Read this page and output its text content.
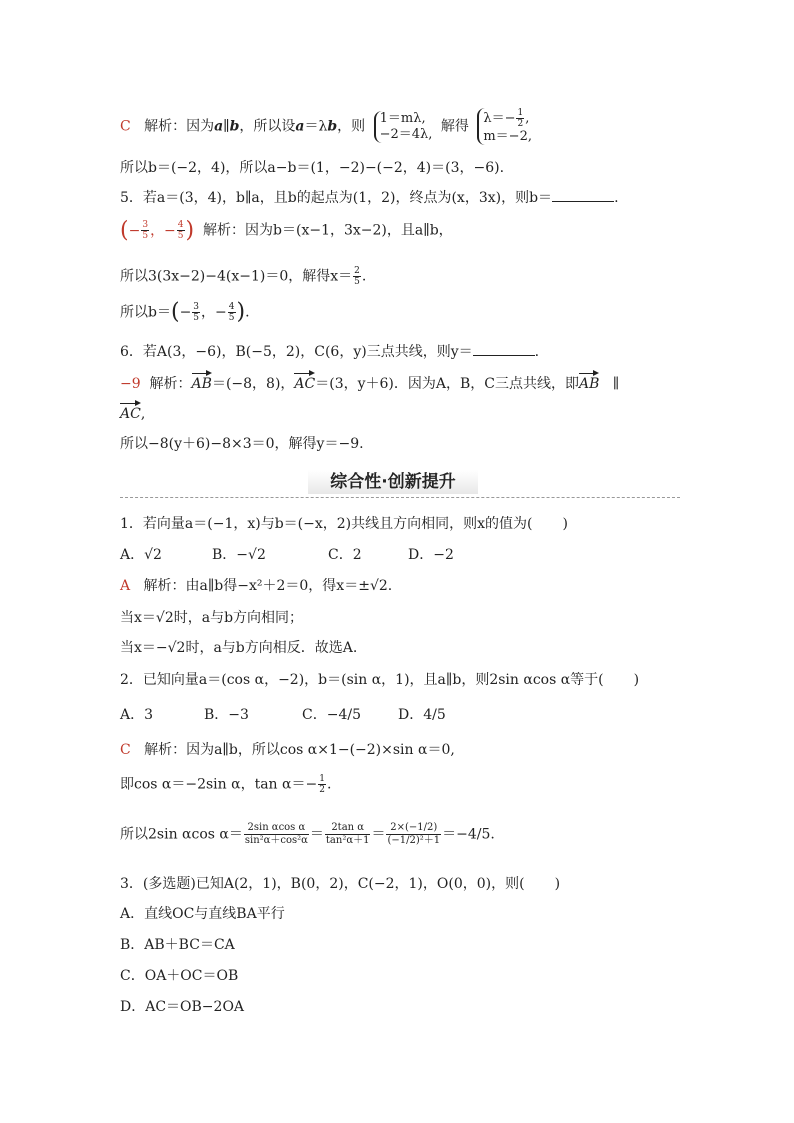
C 解析：因为a∥b，所以设a＝λb，则 1＝mλ,
−2＝4λ, 解得 $\lambda=- \frac{1}{2}$ ,
m＝−2,
所以b＝(−2，4)，所以a−b＝(1，−2)−(−2，4)＝(3，−6).
5．若a＝(3，4)，b∥a，且b的起点为(1，2)，终点为(x，3x)，则b＝	.
(− $\frac{3}{5}$ ，− $\frac{4}{5}$ ) 解析：因为b＝(x−1，3x−2)，且a∥b，
所以3(3x−2)−4(x−1)＝0，解得$x= \frac{2}{5}$ .
所以$b=(- \frac{3}{5}$ ，− $\frac{4}{5}$ ).
6．若A(3，−6)，B(−5，2)，C(6，y)三点共线，则y＝	.
−9 解析：AB＝(−8，8)，AC＝(3，y＋6)．因为A，B，C三点共线，即AB ∥
AC,
所以−8(y＋6)−8×3＝0，解得y＝−9.
综合性·创新提升
1．若向量a＝(−1，x)与b＝(−x，2)共线且方向相同，则x的值为( )
A．√2	B．−√2	C．2	D．−2
A 解析：由a∥b得−x²＋2＝0，得x＝±√2.
当x＝√2时，a与b方向相同；
当x＝−√2时，a与b方向相反．故选A.
2．已知向量a＝(cos α，−2)，b＝(sin α，1)，且a∥b，则2sin αcos α等于( )
A．3	B．−3	C．−4/5	D．4/5
C 解析：因为a∥b，所以cos α×1−(−2)×sin α＝0,
即cos α＝−2sin α，$\tan \alpha=- \frac{1}{2}$ .
所以2sin αcos $\alpha= \frac{\text{2sin αcos α}}{\text{sin²α＋cos²α}} = \frac{\text{2tan α}}{\text{tan²α＋1}} = \frac{2\times(-1/2)}{\text{(−1/2)²＋1}} =-4/5$.
3．(多选题)已知A(2，1)，B(0，2)，C(−2，1)，O(0，0)，则( )
A．直线OC与直线BA平行
B．AB＋BC＝CA
C．OA＋OC＝OB
D．AC＝OB−2OA
